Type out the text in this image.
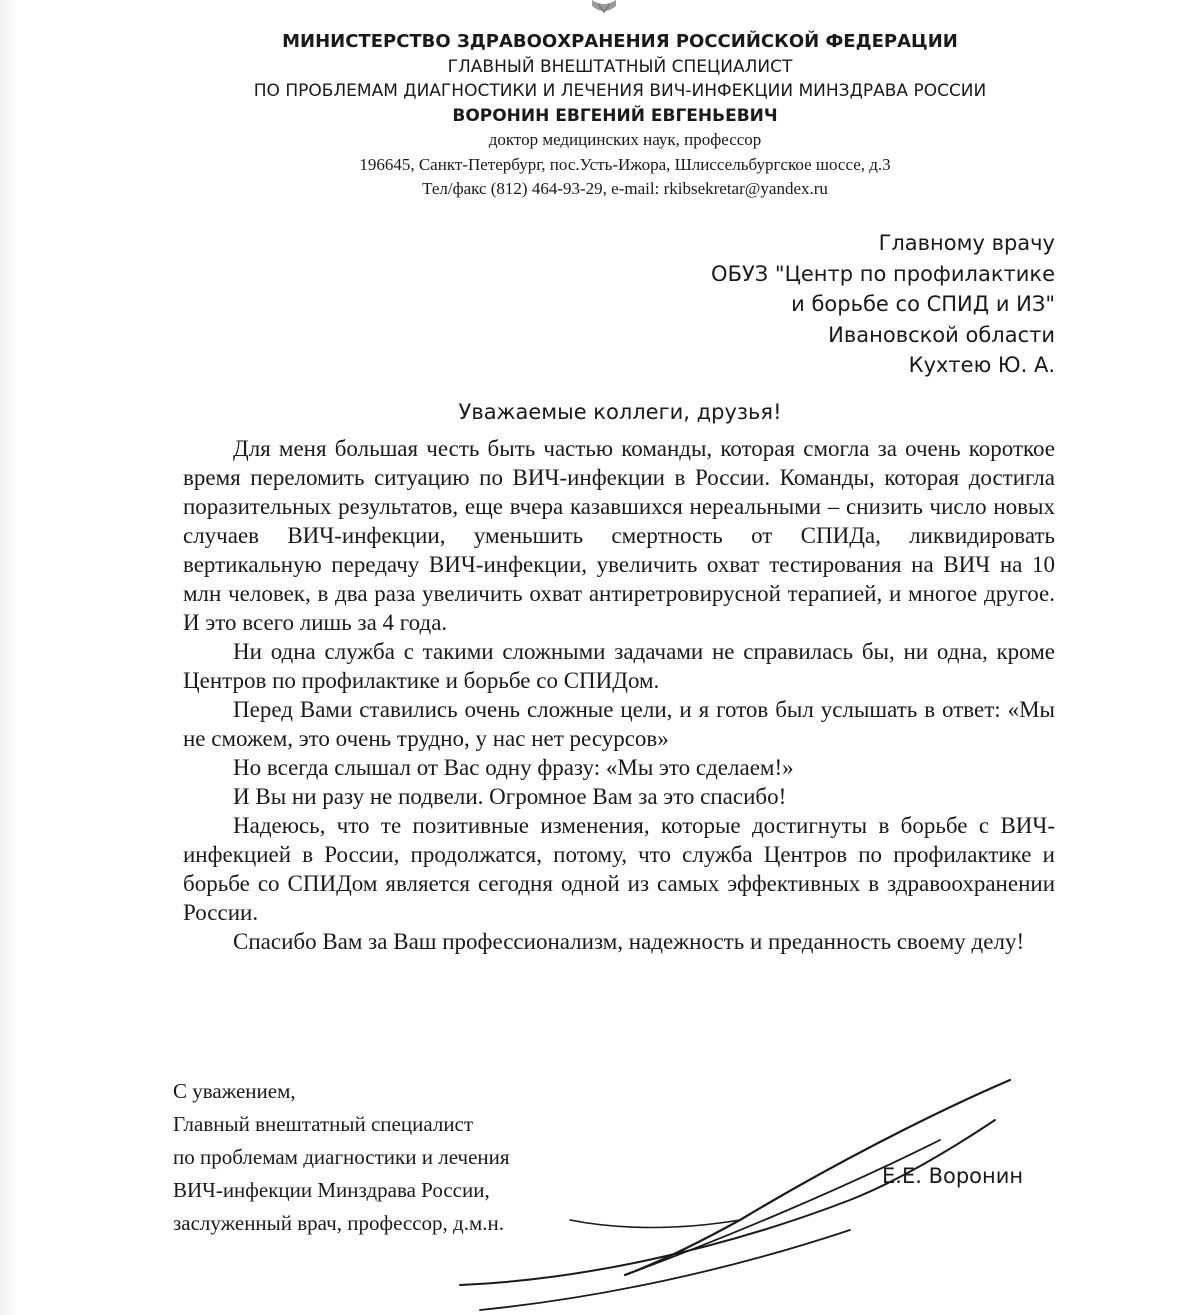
МИНИСТЕРСТВО ЗДРАВООХРАНЕНИЯ РОССИЙСКОЙ ФЕДЕРАЦИИ
ГЛАВНЫЙ ВНЕШТАТНЫЙ СПЕЦИАЛИСТ
ПО ПРОБЛЕМАМ ДИАГНОСТИКИ И ЛЕЧЕНИЯ ВИЧ-ИНФЕКЦИИ МИНЗДРАВА РОССИИ
ВОРОНИН ЕВГЕНИЙ ЕВГЕНЬЕВИЧ
доктор медицинских наук, профессор
196645, Санкт-Петербург, пос.Усть-Ижора, Шлиссельбургское шоссе, д.3
Тел/факс (812) 464-93-29, e-mail: rkibsekretar@yandex.ru
Главному врачу
ОБУЗ "Центр по профилактике
и борьбе со СПИД и ИЗ"
Ивановской области
Кухтею Ю. А.
Уважаемые коллеги, друзья!

Для меня большая честь быть частью команды, которая смогла за очень короткое время переломить ситуацию по ВИЧ-инфекции в России. Команды, которая достигла поразительных результатов, еще вчера казавшихся нереальными – снизить число новых случаев ВИЧ-инфекции, уменьшить смертность от СПИДа, ликвидировать вертикальную передачу ВИЧ-инфекции, увеличить охват тестирования на ВИЧ на 10 млн человек, в два раза увеличить охват антиретровирусной терапией, и многое другое. И это всего лишь за 4 года.

Ни одна служба с такими сложными задачами не справилась бы, ни одна, кроме Центров по профилактике и борьбе со СПИДом.

Перед Вами ставились очень сложные цели, и я готов был услышать в ответ: «Мы не сможем, это очень трудно, у нас нет ресурсов»

Но всегда слышал от Вас одну фразу: «Мы это сделаем!»

И Вы ни разу не подвели. Огромное Вам за это спасибо!

Надеюсь, что те позитивные изменения, которые достигнуты в борьбе с ВИЧ-инфекцией в России, продолжатся, потому, что служба Центров по профилактике и борьбе со СПИДом является сегодня одной из самых эффективных в здравоохранении России.

Спасибо Вам за Ваш профессионализм, надежность и преданность своему делу!

С уважением,
Главный внештатный специалист
по проблемам диагностики и лечения
ВИЧ-инфекции Минздрава России,
заслуженный врач, профессор, д.м.н.
Е.Е. Воронин
